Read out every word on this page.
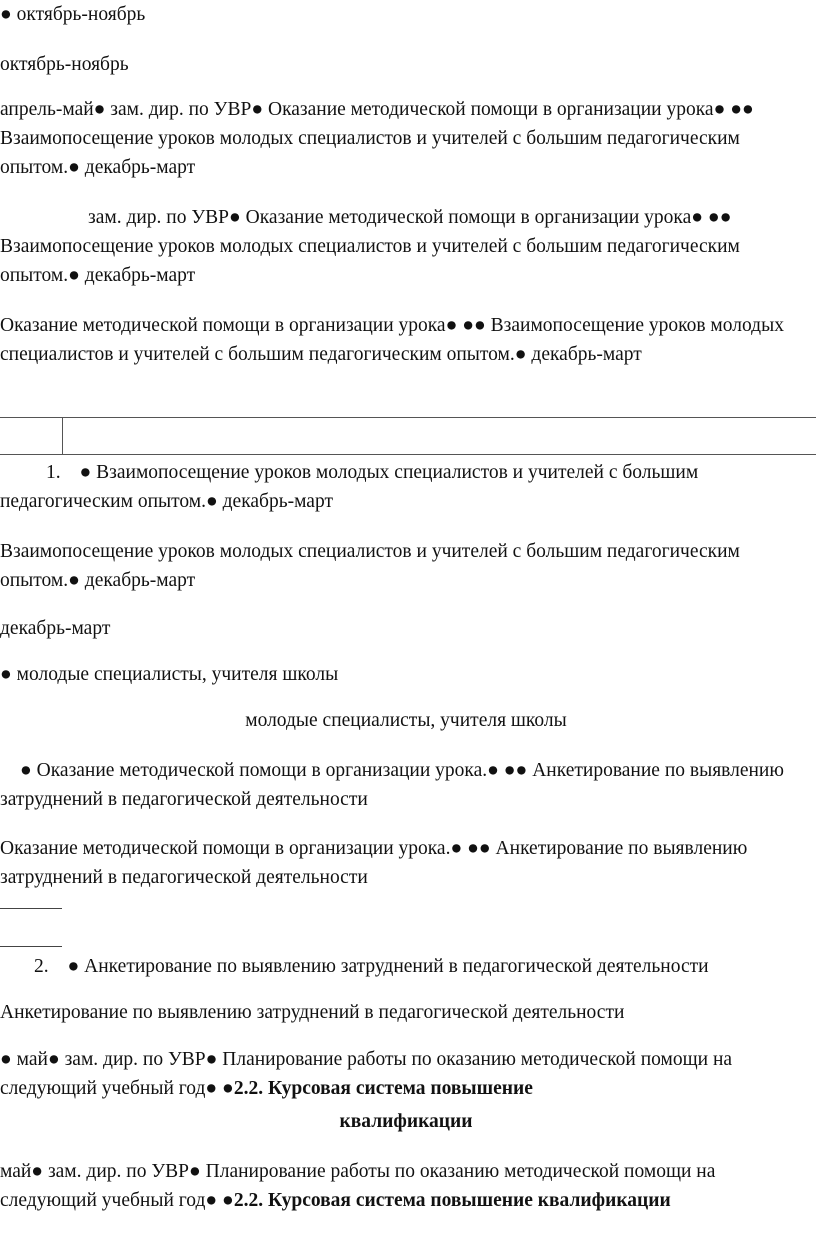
● октябрь-ноябрь

октябрь-ноябрь

апрель-май● зам. дир. по УВР● Оказание методической помощи в организации урока● ●● Взаимопосещение уроков молодых специалистов и учителей с большим педагогическим опытом.● декабрь-март

зам. дир. по УВР● Оказание методической помощи в организации урока● ●● Взаимопосещение уроков молодых специалистов и учителей с большим педагогическим опытом.● декабрь-март

Оказание методической помощи в организации урока● ●● Взаимопосещение уроков молодых специалистов и учителей с большим педагогическим опытом.● декабрь-март

1. ● Взаимопосещение уроков молодых специалистов и учителей с большим педагогическим опытом.● декабрь-март

Взаимопосещение уроков молодых специалистов и учителей с большим педагогическим опытом.● декабрь-март

декабрь-март

● молодые специалисты, учителя школы

молодые специалисты, учителя школы

● Оказание методической помощи в организации урока.● ●● Анкетирование по выявлению затруднений в педагогической деятельности

Оказание методической помощи в организации урока.● ●● Анкетирование по выявлению затруднений в педагогической деятельности

2. ● Анкетирование по выявлению затруднений в педагогической деятельности

Анкетирование по выявлению затруднений в педагогической деятельности

● май● зам. дир. по УВР● Планирование работы по оказанию методической помощи на следующий учебный год● ●2.2. Курсовая система повышение

квалификации

май● зам. дир. по УВР● Планирование работы по оказанию методической помощи на следующий учебный год● ●2.2. Курсовая система повышение квалификации
